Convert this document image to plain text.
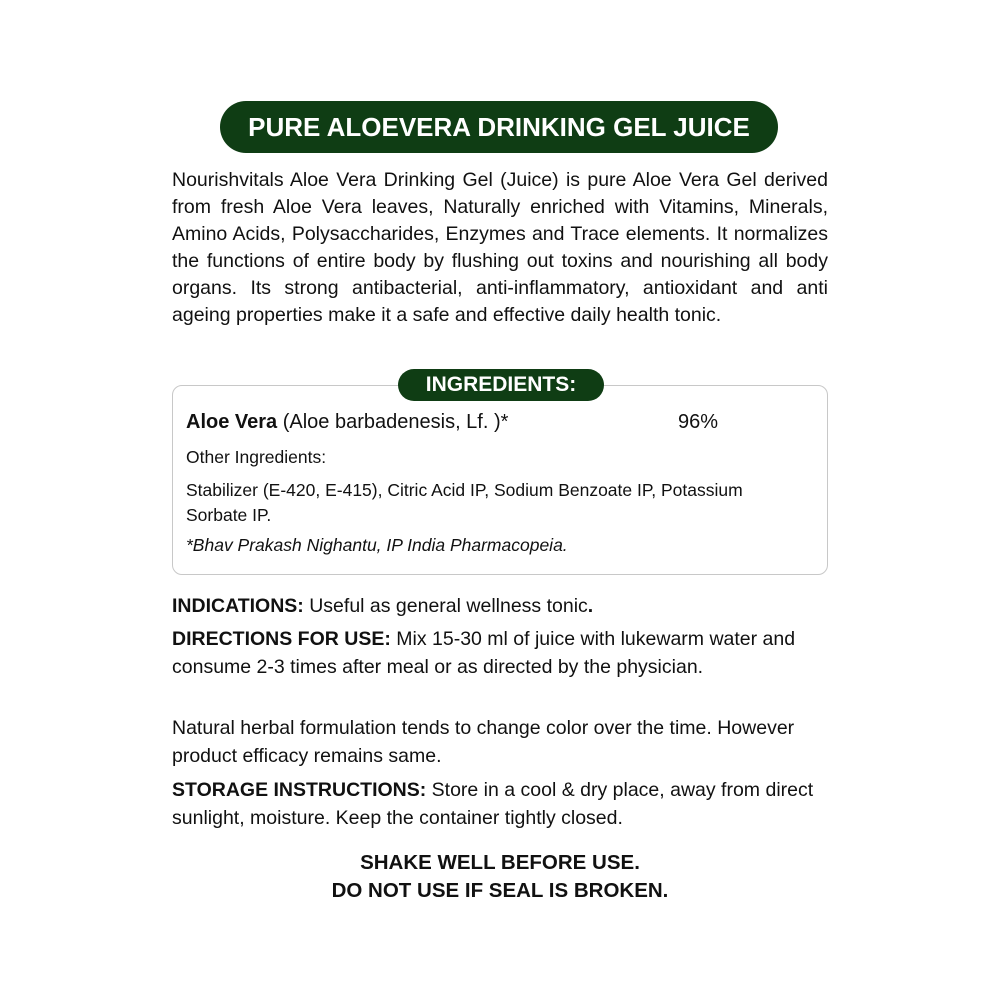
PURE ALOEVERA DRINKING GEL JUICE

Nourishvitals Aloe Vera Drinking Gel (Juice) is pure Aloe Vera Gel derived from fresh Aloe Vera leaves, Naturally enriched with Vitamins, Minerals, Amino Acids, Polysaccharides, Enzymes and Trace elements. It normalizes the functions of entire body by flushing out toxins and nourishing all body organs. Its strong antibacterial, anti-inflammatory, antioxidant and anti ageing properties make it a safe and effective daily health tonic.

INGREDIENTS:
Aloe Vera (Aloe barbadenesis, Lf. )*	96%
Other Ingredients:

Stabilizer (E-420, E-415), Citric Acid IP, Sodium Benzoate IP, Potassium Sorbate IP.

*Bhav Prakash Nighantu, IP India Pharmacopeia.

INDICATIONS: Useful as general wellness tonic.

DIRECTIONS FOR USE: Mix 15-30 ml of juice with lukewarm water and consume 2-3 times after meal or as directed by the physician.

Natural herbal formulation tends to change color over the time. However product efficacy remains same.

STORAGE INSTRUCTIONS: Store in a cool & dry place, away from direct sunlight, moisture. Keep the container tightly closed.

SHAKE WELL BEFORE USE.
DO NOT USE IF SEAL IS BROKEN.
